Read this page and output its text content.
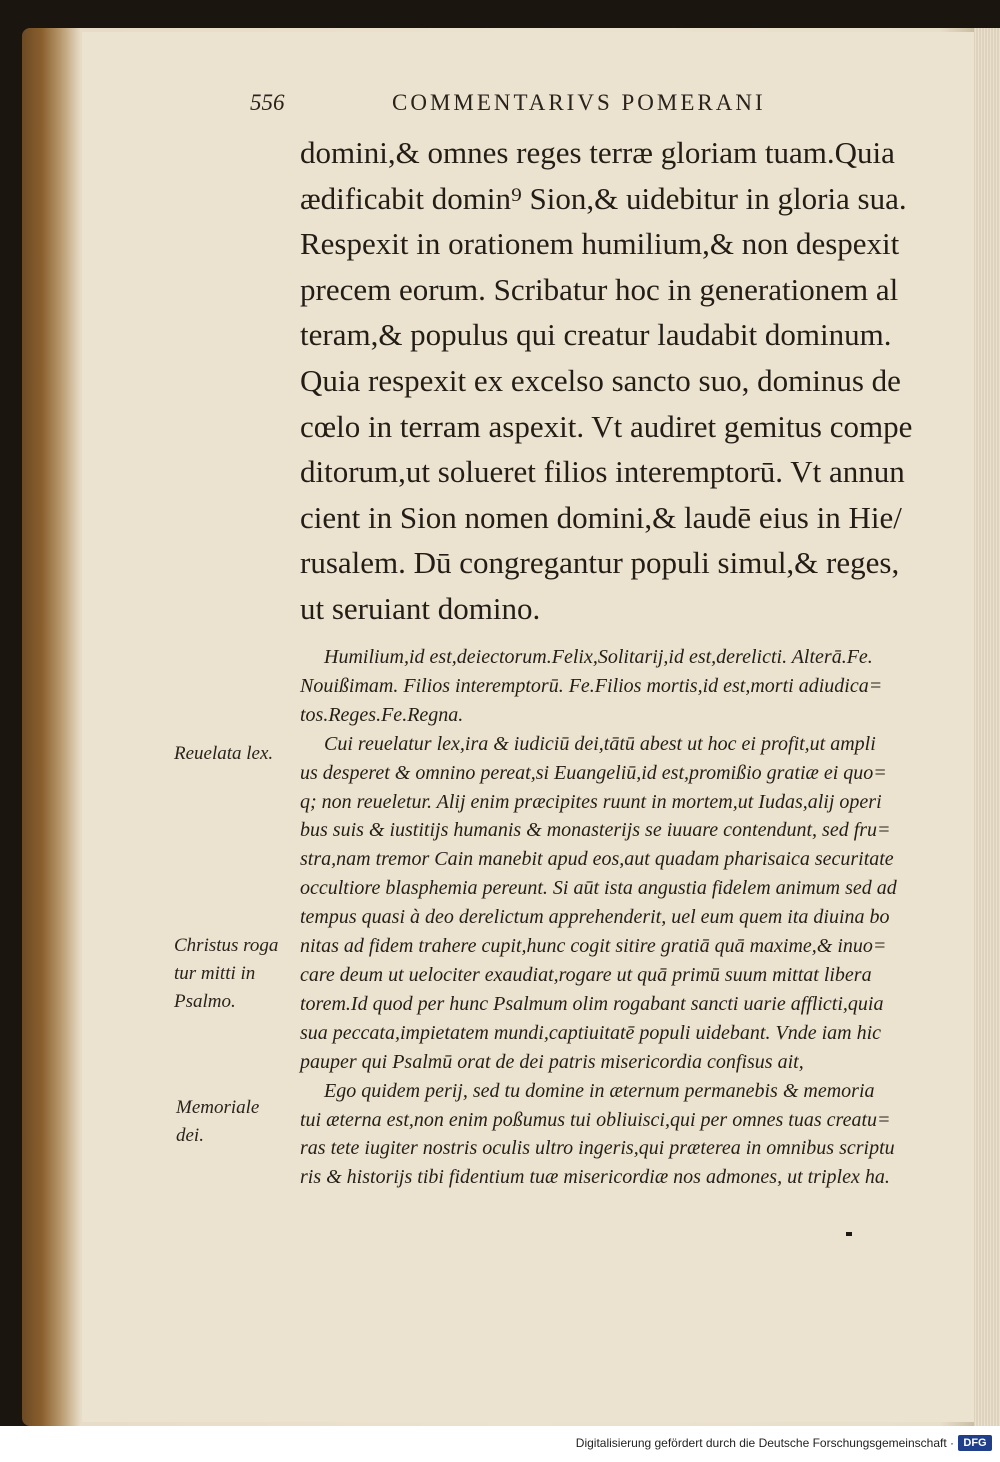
556	COMMENTARIVS POMERANI
domini,& omnes reges terræ gloriam tuam.Quia
ædificabit domin⁹ Sion,& uidebitur in gloria sua.
Respexit in orationem humilium,& non despexit
precem eorum. Scribatur hoc in generationem al
teram,& populus qui creatur laudabit dominum.
Quia respexit ex excelso sancto suo, dominus de
cœlo in terram aspexit. Vt audiret gemitus compe
ditorum,ut solueret filios interemptorū. Vt annun
cient in Sion nomen domini,& laudē eius in Hie/
rusalem. Dū congregantur populi simul,& reges,
ut seruiant domino.
Humilium,id est,deiectorum.Felix,Solitarij,id est,derelicti. Alterā.Fe.
Nouißimam. Filios interemptorū. Fe.Filios mortis,id est,morti adiudica=
tos.Reges.Fe.Regna.
Cui reuelatur lex,ira & iudiciū dei,tātū abest ut hoc ei profit,ut ampli
us desperet & omnino pereat,si Euangeliū,id est,promißio gratiæ ei quo=
q; non reueletur. Alij enim præcipites ruunt in mortem,ut Iudas,alij operi
bus suis & iustitijs humanis & monasterijs se iuuare contendunt, sed fru=
stra,nam tremor Cain manebit apud eos,aut quadam pharisaica securitate
occultiore blasphemia pereunt. Si aūt ista angustia fidelem animum sed ad
tempus quasi à deo derelictum apprehenderit, uel eum quem ita diuina bo
nitas ad fidem trahere cupit,hunc cogit sitire gratiā quā maxime,& inuo=
care deum ut uelociter exaudiat,rogare ut quā primū suum mittat libera
torem.Id quod per hunc Psalmum olim rogabant sancti uarie afflicti,quia
sua peccata,impietatem mundi,captiuitatē populi uidebant. Vnde iam hic
pauper qui Psalmū orat de dei patris misericordia confisus ait,
Ego quidem perij, sed tu domine in æternum permanebis & memoria
tui æterna est,non enim poßumus tui obliuisci,qui per omnes tuas creatu=
ras tete iugiter nostris oculis ultro ingeris,qui præterea in omnibus scriptu
ris & historijs tibi fidentium tuæ misericordiæ nos admones, ut triplex ha.
Reuelata lex.
Christus roga
tur mitti in
Psalmo.
Memoriale
dei.
Digitalisierung gefördert durch die Deutsche Forschungsgemeinschaft · DFG
